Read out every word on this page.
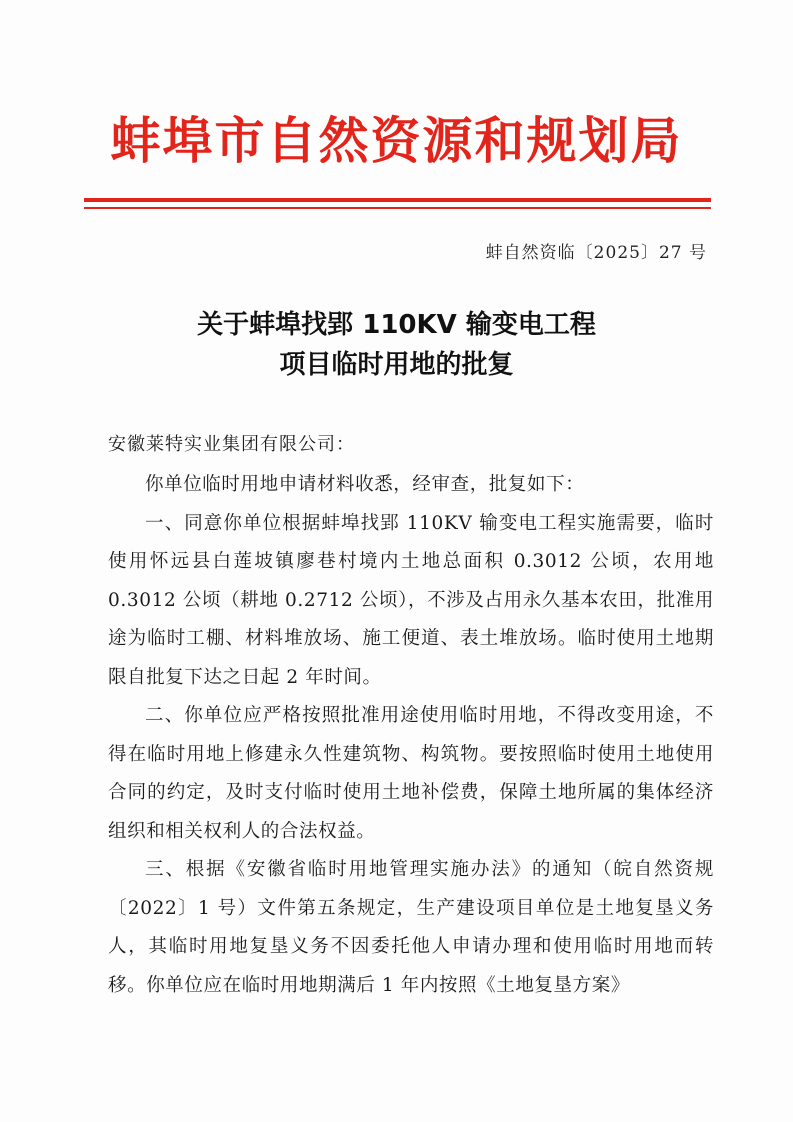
蚌埠市自然资源和规划局
蚌自然资临〔2025〕27 号
关于蚌埠找郢 110KV 输变电工程
项目临时用地的批复
安徽莱特实业集团有限公司：

你单位临时用地申请材料收悉，经审查，批复如下：

一、同意你单位根据蚌埠找郢 110KV 输变电工程实施需要，临时使用怀远县白莲坡镇廖巷村境内土地总面积 0.3012 公顷，农用地 0.3012 公顷（耕地 0.2712 公顷），不涉及占用永久基本农田，批准用途为临时工棚、材料堆放场、施工便道、表土堆放场。临时使用土地期限自批复下达之日起 2 年时间。

二、你单位应严格按照批准用途使用临时用地，不得改变用途，不得在临时用地上修建永久性建筑物、构筑物。要按照临时使用土地使用合同的约定，及时支付临时使用土地补偿费，保障土地所属的集体经济组织和相关权利人的合法权益。

三、根据《安徽省临时用地管理实施办法》的通知（皖自然资规〔2022〕1 号）文件第五条规定，生产建设项目单位是土地复垦义务人，其临时用地复垦义务不因委托他人申请办理和使用临时用地而转移。你单位应在临时用地期满后 1 年内按照《土地复垦方案》
